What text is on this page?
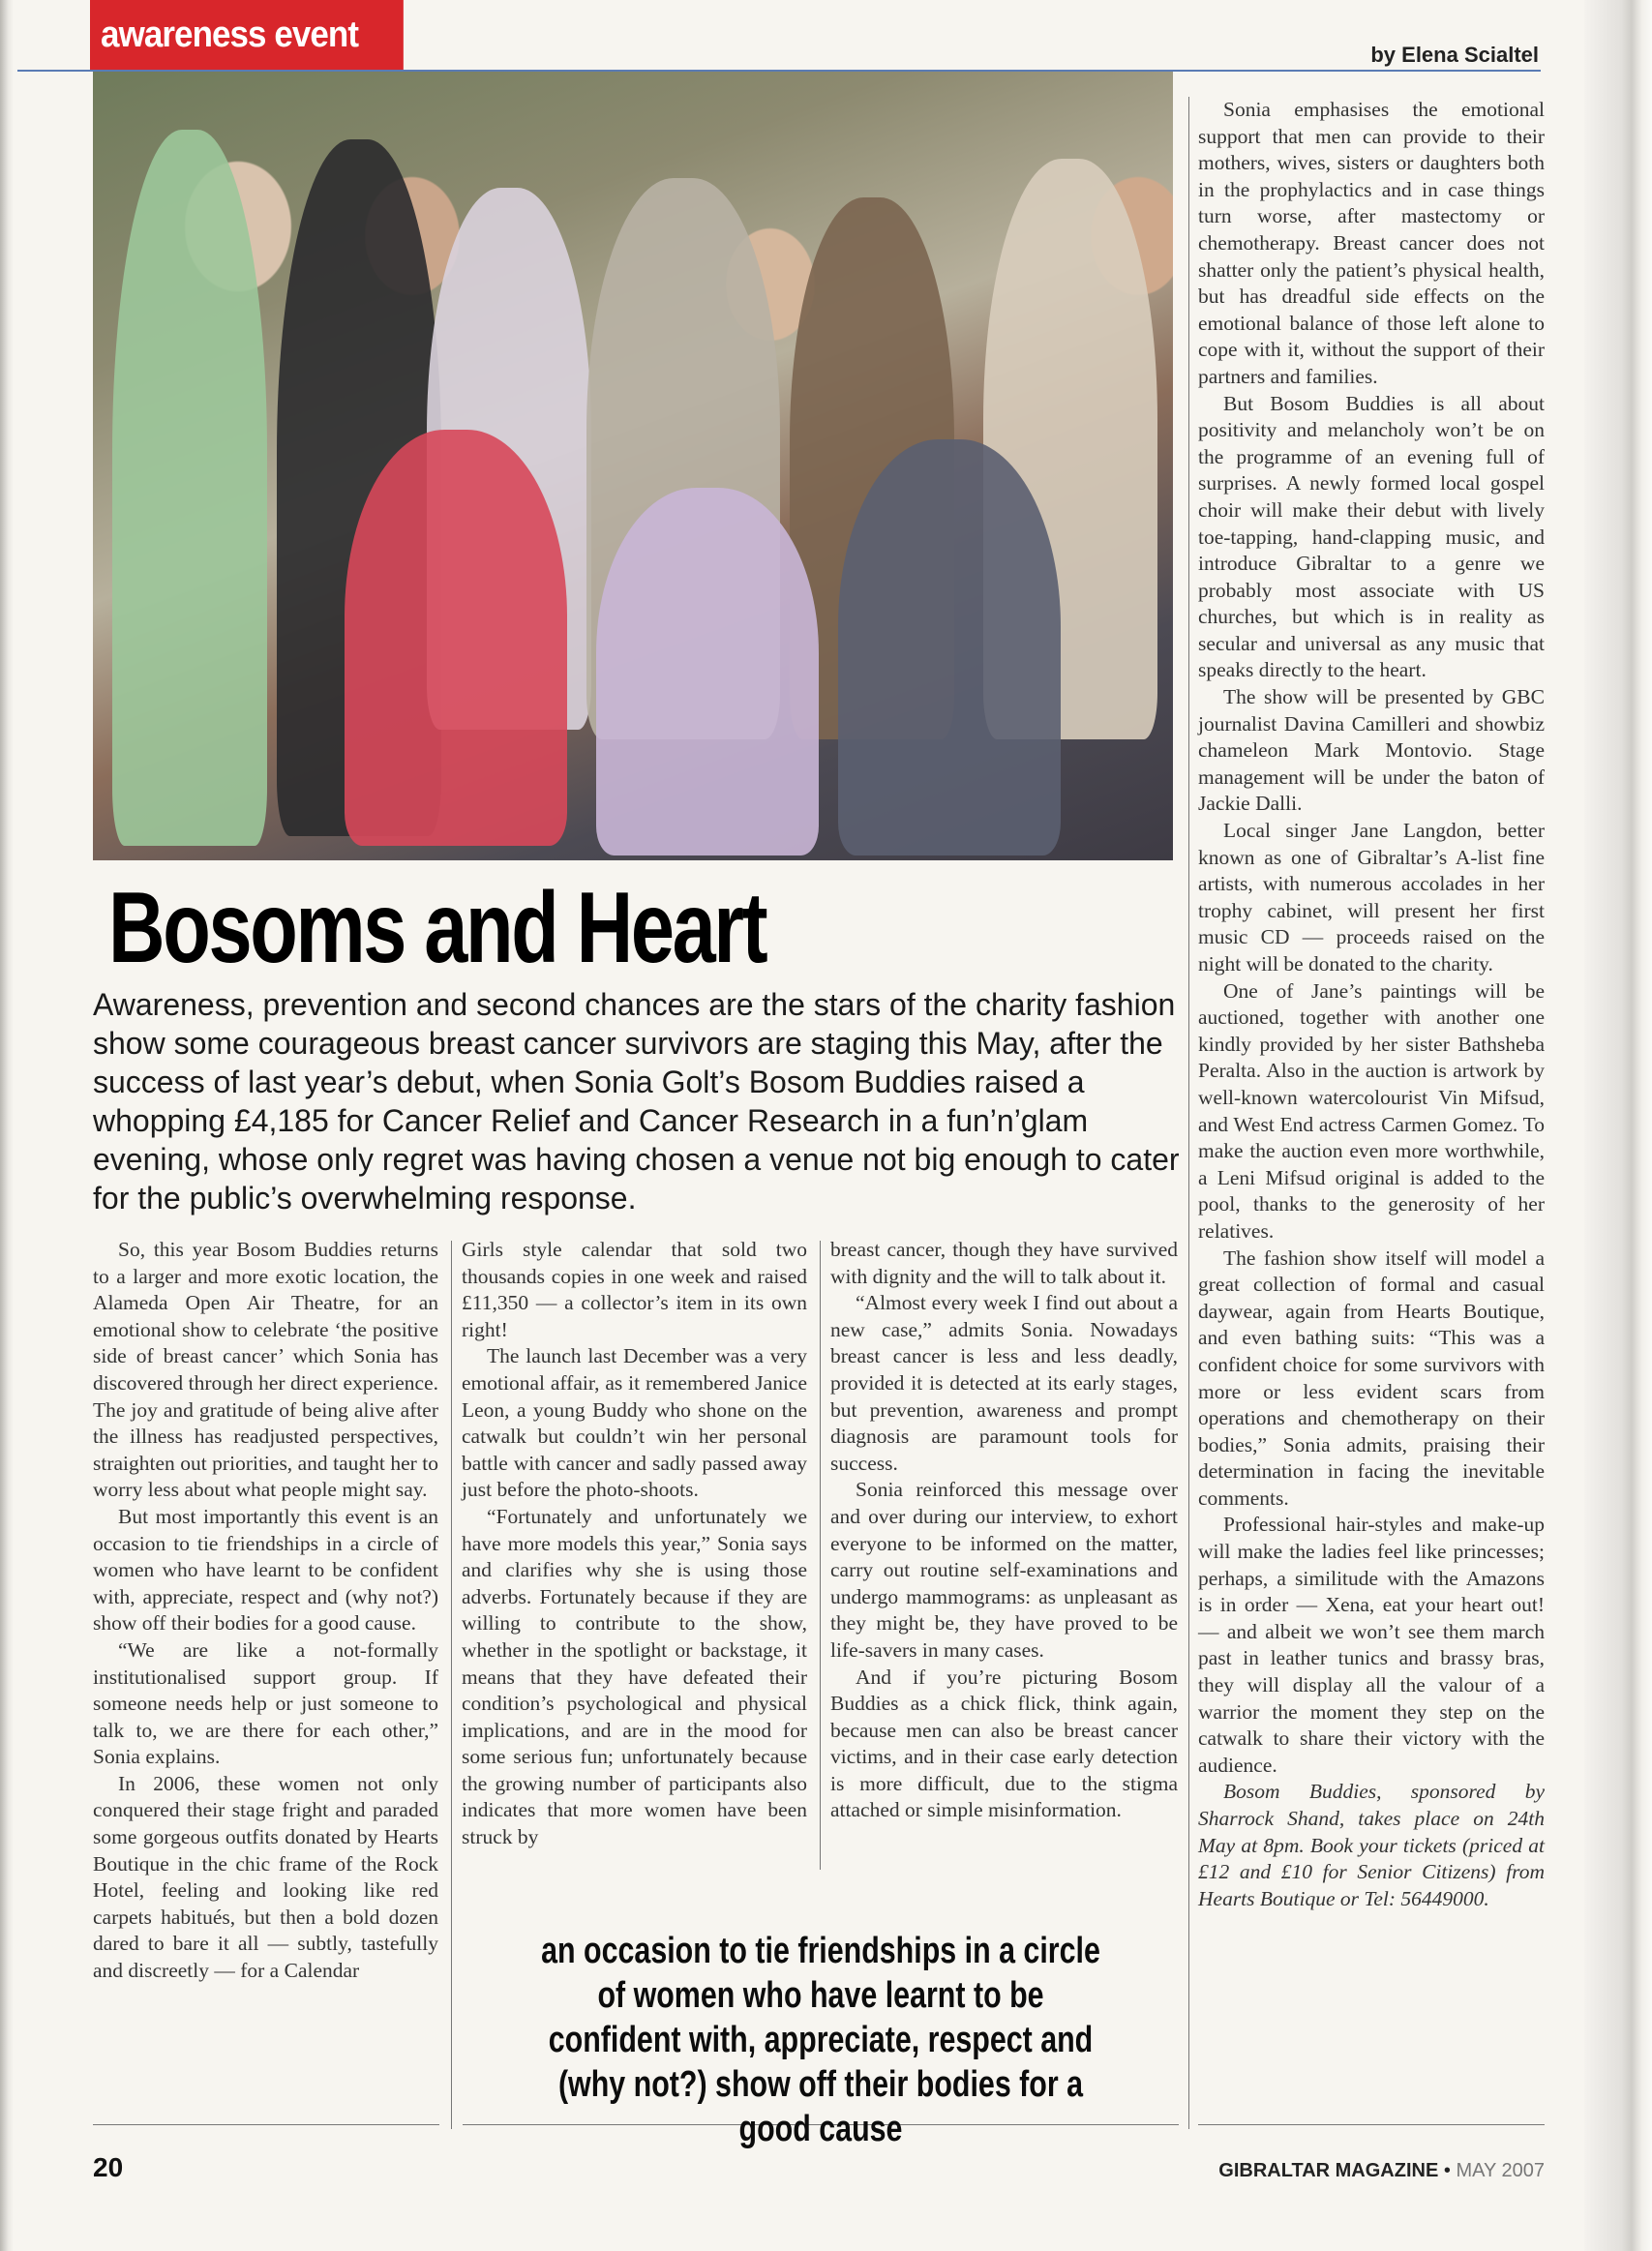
awareness event	by Elena Scialtel
Bosoms and Heart
Awareness, prevention and second chances are the stars of the charity fashion show some courageous breast cancer survivors are staging this May, after the success of last year’s debut, when Sonia Golt’s Bosom Buddies raised a whopping £4,185 for Cancer Relief and Cancer Research in a fun’n’glam evening, whose only regret was having chosen a venue not big enough to cater for the public’s overwhelming response.

So, this year Bosom Buddies returns to a larger and more exotic location, the Alameda Open Air Theatre, for an emotional show to celebrate ‘the positive side of breast cancer’ which Sonia has discovered through her direct experience. The joy and gratitude of being alive after the illness has readjusted perspectives, straighten out priorities, and taught her to worry less about what people might say.

But most importantly this event is an occasion to tie friendships in a circle of women who have learnt to be confident with, appreciate, respect and (why not?) show off their bodies for a good cause.

“We are like a not-formally institutionalised support group. If someone needs help or just someone to talk to, we are there for each other,” Sonia explains.

In 2006, these women not only conquered their stage fright and paraded some gorgeous outfits donated by Hearts Boutique in the chic frame of the Rock Hotel, feeling and looking like red carpets habitués, but then a bold dozen dared to bare it all — subtly, tastefully and discreetly — for a Calendar

Girls style calendar that sold two thousands copies in one week and raised £11,350 — a collector’s item in its own right!

The launch last December was a very emotional affair, as it remembered Janice Leon, a young Buddy who shone on the catwalk but couldn’t win her personal battle with cancer and sadly passed away just before the photo-shoots.

“Fortunately and unfortunately we have more models this year,” Sonia says and clarifies why she is using those adverbs. Fortunately because if they are willing to contribute to the show, whether in the spotlight or backstage, it means that they have defeated their condition’s psychological and physical implications, and are in the mood for some serious fun; unfortunately because the growing number of participants also indicates that more women have been struck by

breast cancer, though they have survived with dignity and the will to talk about it.

“Almost every week I find out about a new case,” admits Sonia. Nowadays breast cancer is less and less deadly, provided it is detected at its early stages, but prevention, awareness and prompt diagnosis are paramount tools for success.

Sonia reinforced this message over and over during our interview, to exhort everyone to be informed on the matter, carry out routine self-examinations and undergo mammograms: as unpleasant as they might be, they have proved to be life-savers in many cases.

And if you’re picturing Bosom Buddies as a chick flick, think again, because men can also be breast cancer victims, and in their case early detection is more difficult, due to the stigma attached or simple misinformation.

Sonia emphasises the emotional support that men can provide to their mothers, wives, sisters or daughters both in the prophylactics and in case things turn worse, after mastectomy or chemotherapy. Breast cancer does not shatter only the patient’s physical health, but has dreadful side effects on the emotional balance of those left alone to cope with it, without the support of their partners and families.

But Bosom Buddies is all about positivity and melancholy won’t be on the programme of an evening full of surprises. A newly formed local gospel choir will make their debut with lively toe-tapping, hand-clapping music, and introduce Gibraltar to a genre we probably most associate with US churches, but which is in reality as secular and universal as any music that speaks directly to the heart.

The show will be presented by GBC journalist Davina Camilleri and showbiz chameleon Mark Montovio. Stage management will be under the baton of Jackie Dalli.

Local singer Jane Langdon, better known as one of Gibraltar’s A-list fine artists, with numerous accolades in her trophy cabinet, will present her first music CD — proceeds raised on the night will be donated to the charity.

One of Jane’s paintings will be auctioned, together with another one kindly provided by her sister Bathsheba Peralta. Also in the auction is artwork by well-known watercolourist Vin Mifsud, and West End actress Carmen Gomez. To make the auction even more worthwhile, a Leni Mifsud original is added to the pool, thanks to the generosity of her relatives.

The fashion show itself will model a great collection of formal and casual daywear, again from Hearts Boutique, and even bathing suits: “This was a confident choice for some survivors with more or less evident scars from operations and chemotherapy on their bodies,” Sonia admits, praising their determination in facing the inevitable comments.

Professional hair-styles and make-up will make the ladies feel like princesses; perhaps, a similitude with the Amazons is in order — Xena, eat your heart out! — and albeit we won’t see them march past in leather tunics and brassy bras, they will display all the valour of a warrior the moment they step on the catwalk to share their victory with the audience.

Bosom Buddies, sponsored by Sharrock Shand, takes place on 24th May at 8pm. Book your tickets (priced at £12 and £10 for Senior Citizens) from Hearts Boutique or Tel: 56449000.

an occasion to tie friendships in a circle of women who have learnt to be confident with, appreciate, respect and (why not?) show off their bodies for a good cause
20	GIBRALTAR MAGAZINE • MAY 2007
